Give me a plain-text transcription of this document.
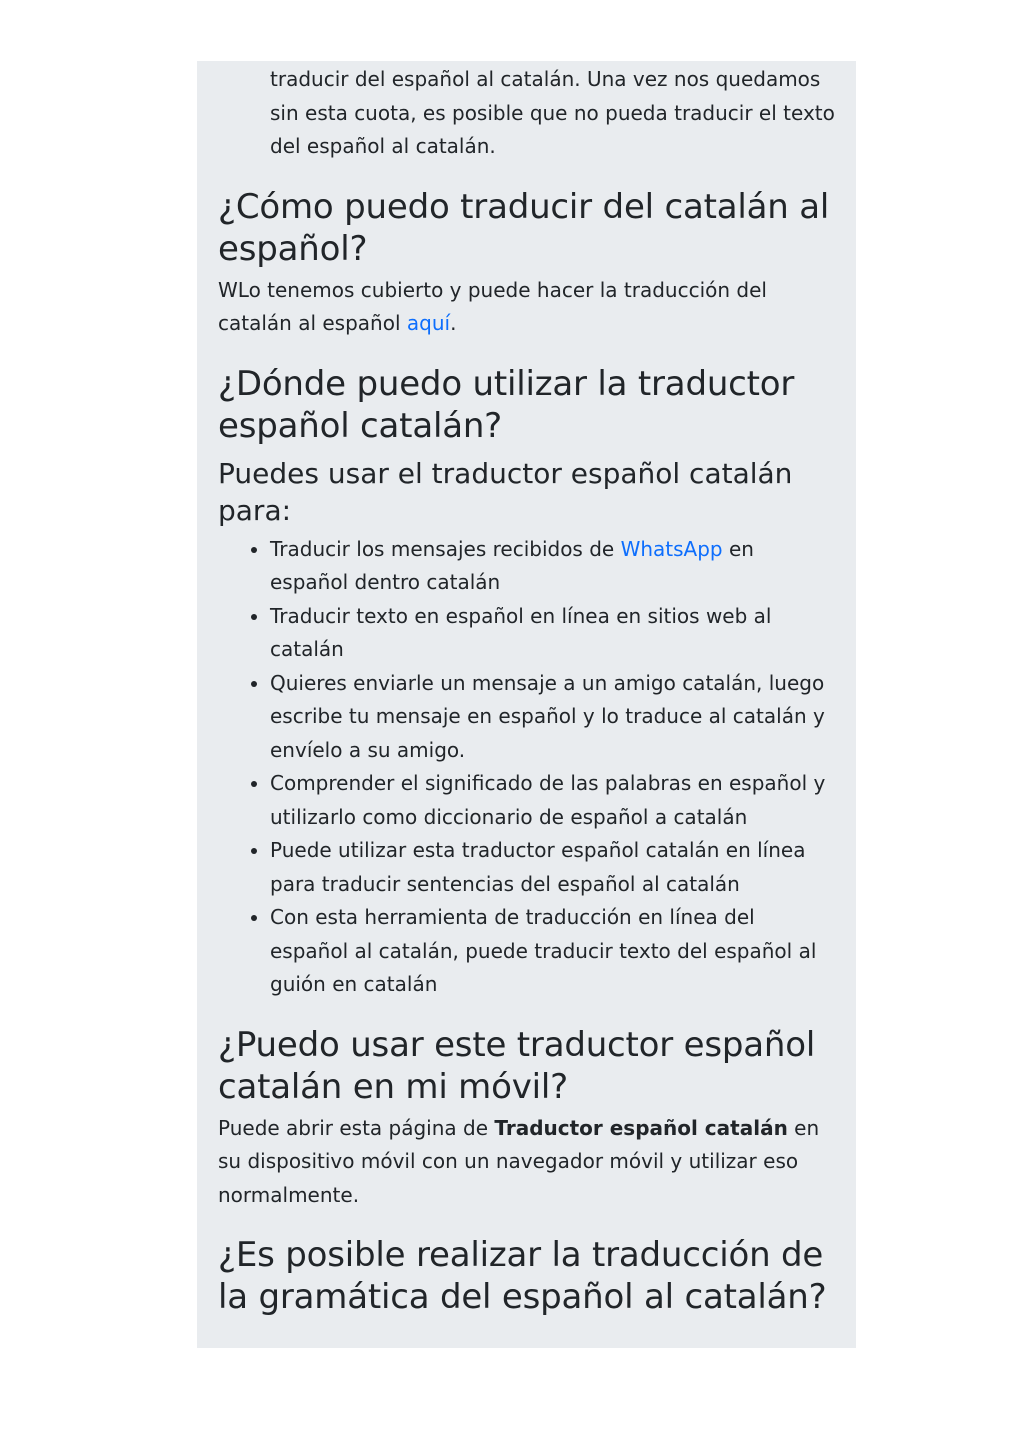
traducir del español al catalán. Una vez nos quedamos sin esta cuota, es posible que no pueda traducir el texto del español al catalán.

¿Cómo puedo traducir del catalán al español?

WLo tenemos cubierto y puede hacer la traducción del catalán al español aquí.

¿Dónde puedo utilizar la traductor español catalán?
Puedes usar el traductor español catalán para:
• Traducir los mensajes recibidos de WhatsApp en español dentro catalán
• Traducir texto en español en línea en sitios web al catalán
• Quieres enviarle un mensaje a un amigo catalán, luego escribe tu mensaje en español y lo traduce al catalán y envíelo a su amigo.
• Comprender el significado de las palabras en español y utilizarlo como diccionario de español a catalán
• Puede utilizar esta traductor español catalán en línea para traducir sentencias del español al catalán
• Con esta herramienta de traducción en línea del español al catalán, puede traducir texto del español al guión en catalán
¿Puedo usar este traductor español catalán en mi móvil?

Puede abrir esta página de Traductor español catalán en su dispositivo móvil con un navegador móvil y utilizar eso normalmente.

¿Es posible realizar la traducción de la gramática del español al catalán?
